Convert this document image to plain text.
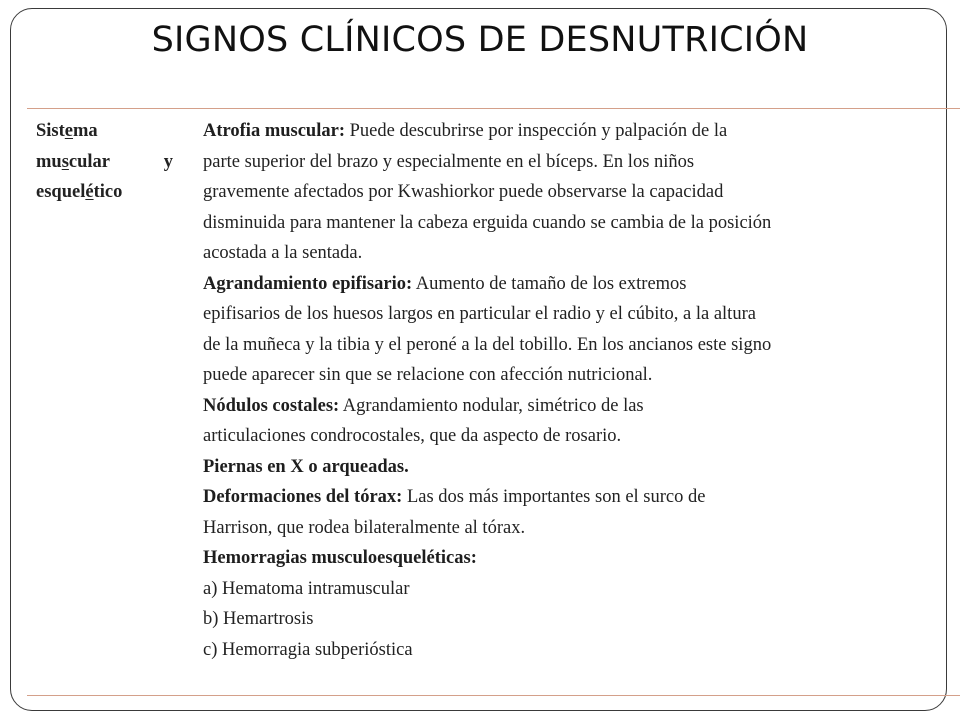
SIGNOS CLÍNICOS DE DESNUTRICIÓN
Sistema
muscular	y
esquelético
Atrofia muscular: Puede descubrirse por inspección y palpación de la
parte superior del brazo y especialmente en el bíceps. En los niños
gravemente afectados por Kwashiorkor puede observarse la capacidad
disminuida para mantener la cabeza erguida cuando se cambia de la posición
acostada a la sentada.
Agrandamiento epifisario: Aumento de tamaño de los extremos
epifisarios de los huesos largos en particular el radio y el cúbito, a la altura
de la muñeca y la tibia y el peroné a la del tobillo. En los ancianos este signo
puede aparecer sin que se relacione con afección nutricional.
Nódulos costales: Agrandamiento nodular, simétrico de las
articulaciones condrocostales, que da aspecto de rosario.
Piernas en X o arqueadas.
Deformaciones del tórax: Las dos más importantes son el surco de
Harrison, que rodea bilateralmente al tórax.
Hemorragias musculoesqueléticas:
a) Hematoma intramuscular
b) Hemartrosis
c) Hemorragia subperióstica
